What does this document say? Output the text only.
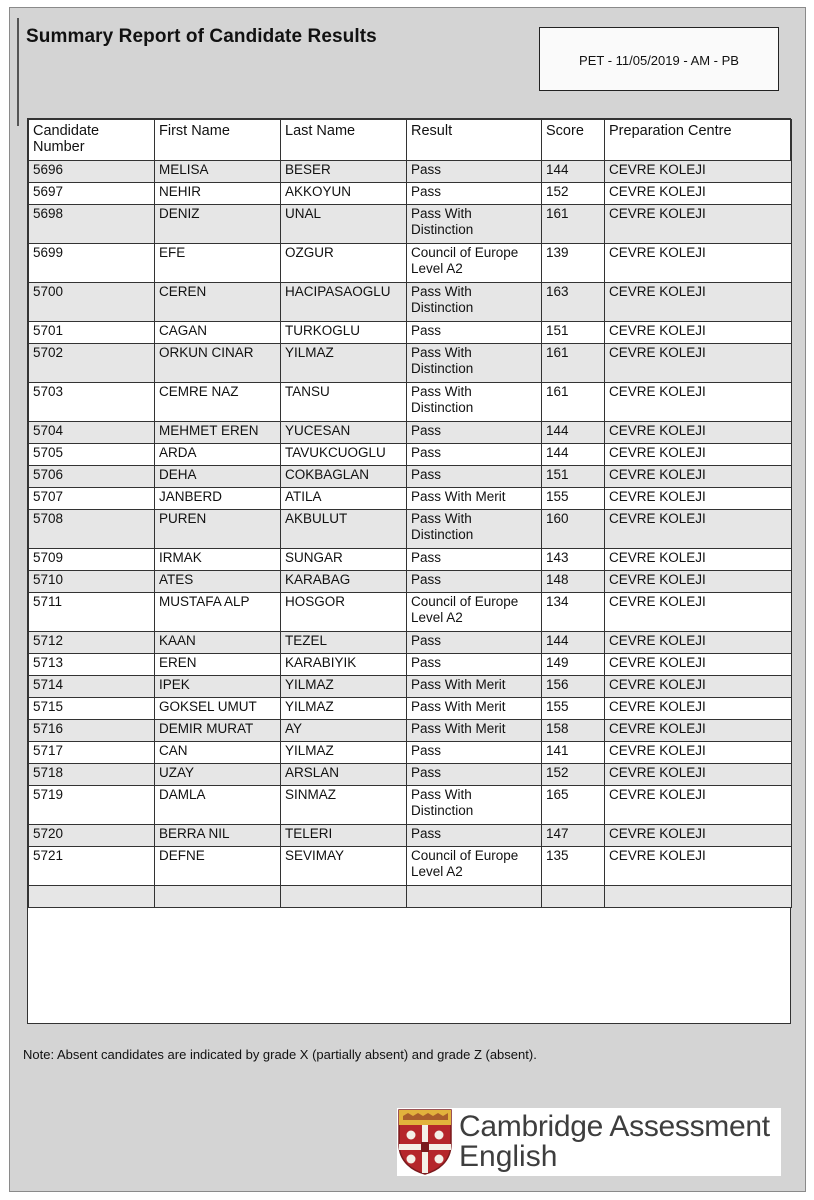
Summary Report of Candidate Results
PET - 11/05/2019 - AM - PB
Candidate Number	First Name	Last Name	Result	Score	Preparation Centre
5696	MELISA	BESER	Pass	144	CEVRE KOLEJI
5697	NEHIR	AKKOYUN	Pass	152	CEVRE KOLEJI
5698	DENIZ	UNAL	Pass With Distinction	161	CEVRE KOLEJI
5699	EFE	OZGUR	Council of Europe Level A2	139	CEVRE KOLEJI
5700	CEREN	HACIPASAOGLU	Pass With Distinction	163	CEVRE KOLEJI
5701	CAGAN	TURKOGLU	Pass	151	CEVRE KOLEJI
5702	ORKUN CINAR	YILMAZ	Pass With Distinction	161	CEVRE KOLEJI
5703	CEMRE NAZ	TANSU	Pass With Distinction	161	CEVRE KOLEJI
5704	MEHMET EREN	YUCESAN	Pass	144	CEVRE KOLEJI
5705	ARDA	TAVUKCUOGLU	Pass	144	CEVRE KOLEJI
5706	DEHA	COKBAGLAN	Pass	151	CEVRE KOLEJI
5707	JANBERD	ATILA	Pass With Merit	155	CEVRE KOLEJI
5708	PUREN	AKBULUT	Pass With Distinction	160	CEVRE KOLEJI
5709	IRMAK	SUNGAR	Pass	143	CEVRE KOLEJI
5710	ATES	KARABAG	Pass	148	CEVRE KOLEJI
5711	MUSTAFA ALP	HOSGOR	Council of Europe Level A2	134	CEVRE KOLEJI
5712	KAAN	TEZEL	Pass	144	CEVRE KOLEJI
5713	EREN	KARABIYIK	Pass	149	CEVRE KOLEJI
5714	IPEK	YILMAZ	Pass With Merit	156	CEVRE KOLEJI
5715	GOKSEL UMUT	YILMAZ	Pass With Merit	155	CEVRE KOLEJI
5716	DEMIR MURAT	AY	Pass With Merit	158	CEVRE KOLEJI
5717	CAN	YILMAZ	Pass	141	CEVRE KOLEJI
5718	UZAY	ARSLAN	Pass	152	CEVRE KOLEJI
5719	DAMLA	SINMAZ	Pass With Distinction	165	CEVRE KOLEJI
5720	BERRA NIL	TELERI	Pass	147	CEVRE KOLEJI
5721	DEFNE	SEVIMAY	Council of Europe Level A2	135	CEVRE KOLEJI

Note: Absent candidates are indicated by grade X (partially absent) and grade Z (absent).
Cambridge Assessment
English
